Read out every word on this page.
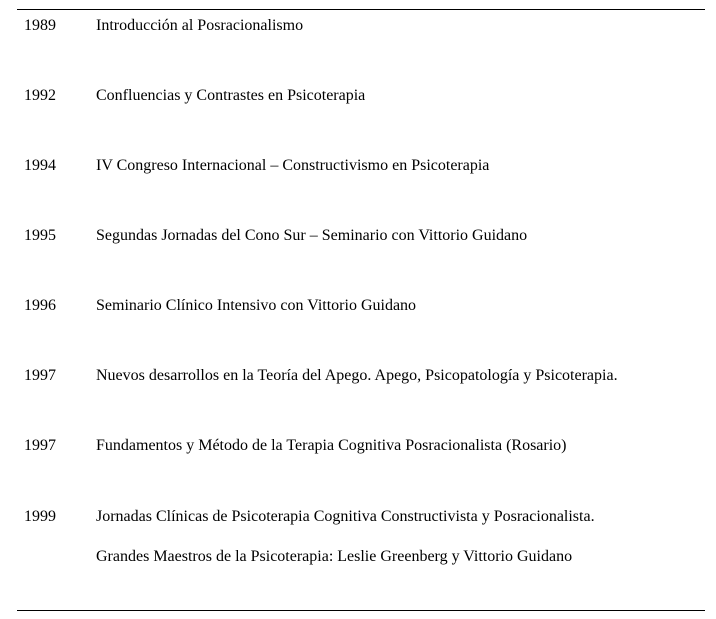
1989	Introducción al Posracionalismo
1992	Confluencias y Contrastes en Psicoterapia
1994	IV Congreso Internacional – Constructivismo en Psicoterapia
1995	Segundas Jornadas del Cono Sur – Seminario con Vittorio Guidano
1996	Seminario Clínico Intensivo con Vittorio Guidano
1997	Nuevos desarrollos en la Teoría del Apego. Apego, Psicopatología y Psicoterapia.
1997	Fundamentos y Método de la Terapia Cognitiva Posracionalista (Rosario)
1999	Jornadas Clínicas de Psicoterapia Cognitiva Constructivista y Posracionalista.
Grandes Maestros de la Psicoterapia: Leslie Greenberg y Vittorio Guidano
